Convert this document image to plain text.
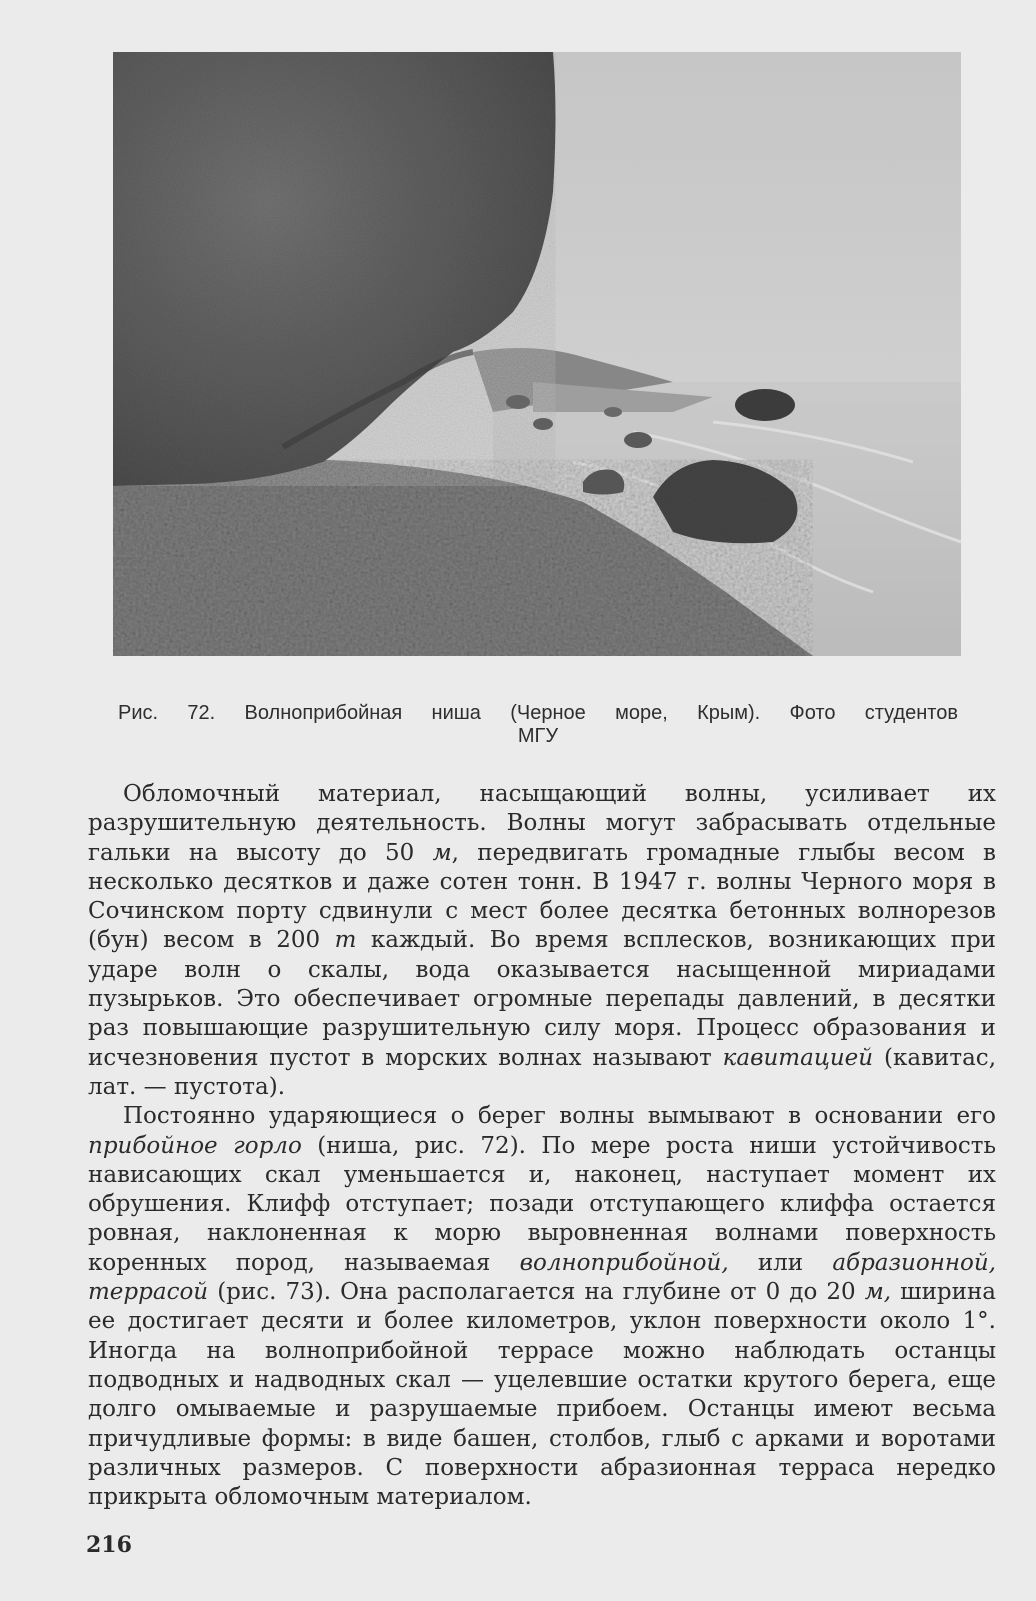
Рис. 72. Волноприбойная ниша (Черное море, Крым). Фото студентов
МГУ

Обломочный материал, насыщающий волны, усиливает их разрушительную деятельность. Волны могут забрасывать отдельные гальки на высоту до 50 м, передвигать громадные глыбы весом в несколько десятков и даже сотен тонн. В 1947 г. волны Черного моря в Сочинском порту сдвинули с мест более десятка бетонных волнорезов (бун) весом в 200 т каждый. Во время всплесков, возникающих при ударе волн о скалы, вода оказывается насыщенной мириадами пузырьков. Это обеспечивает огромные перепады давлений, в десятки раз повышающие разрушительную силу моря. Процесс образования и исчезновения пустот в морских волнах называют кавитацией (кавитас, лат. — пустота).

Постоянно ударяющиеся о берег волны вымывают в основании его прибойное горло (ниша, рис. 72). По мере роста ниши устойчивость нависающих скал уменьшается и, наконец, наступает момент их обрушения. Клифф отступает; позади отступающего клиффа остается ровная, наклоненная к морю выровненная волнами поверхность коренных пород, называемая волноприбойной, или абразионной, террасой (рис. 73). Она располагается на глубине от 0 до 20 м, ширина ее достигает десяти и более километров, уклон поверхности около 1°. Иногда на волноприбойной террасе можно наблюдать останцы подводных и надводных скал — уцелевшие остатки крутого берега, еще долго омываемые и разрушаемые прибоем. Останцы имеют весьма причудливые формы: в виде башен, столбов, глыб с арками и воротами различных размеров. С поверхности абразионная терраса нередко прикрыта обломочным материалом.

216
